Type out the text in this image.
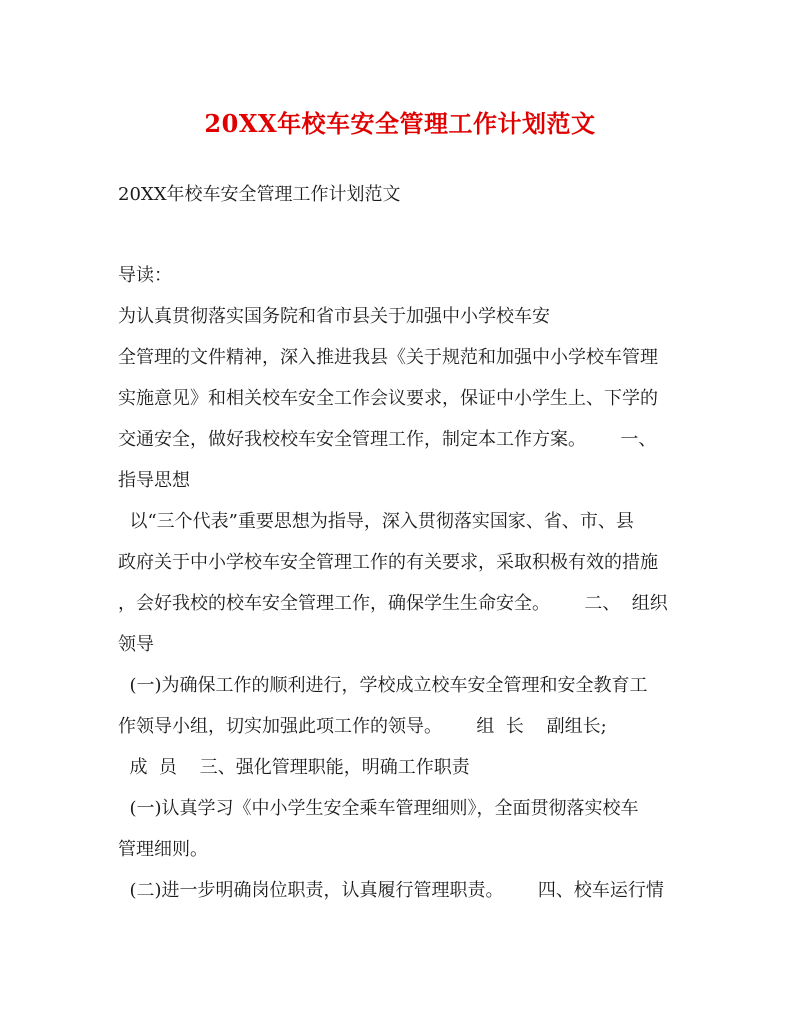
20XX年校车安全管理工作计划范文
20XX年校车安全管理工作计划范文
导读：
为认真贯彻落实国务院和省市县关于加强中小学校车安
全管理的文件精神，深入推进我县《关于规范和加强中小学校车管理
实施意见》和相关校车安全工作会议要求，保证中小学生上、下学的
交通安全，做好我校校车安全管理工作，制定本工作方案。      一、
指导思想
以“三个代表”重要思想为指导，深入贯彻落实国家、省、市、县
政府关于中小学校车安全管理工作的有关要求，采取积极有效的措施
，会好我校的校车安全管理工作，确保学生生命安全。      二、  组织
领导
(一)为确保工作的顺利进行，学校成立校车安全管理和安全教育工
作领导小组，切实加强此项工作的领导。      组  长    副组长;
成  员    三、强化管理职能，明确工作职责
(一)认真学习《中小学生安全乘车管理细则》，全面贯彻落实校车
管理细则。
(二)进一步明确岗位职责，认真履行管理职责。      四、校车运行情
